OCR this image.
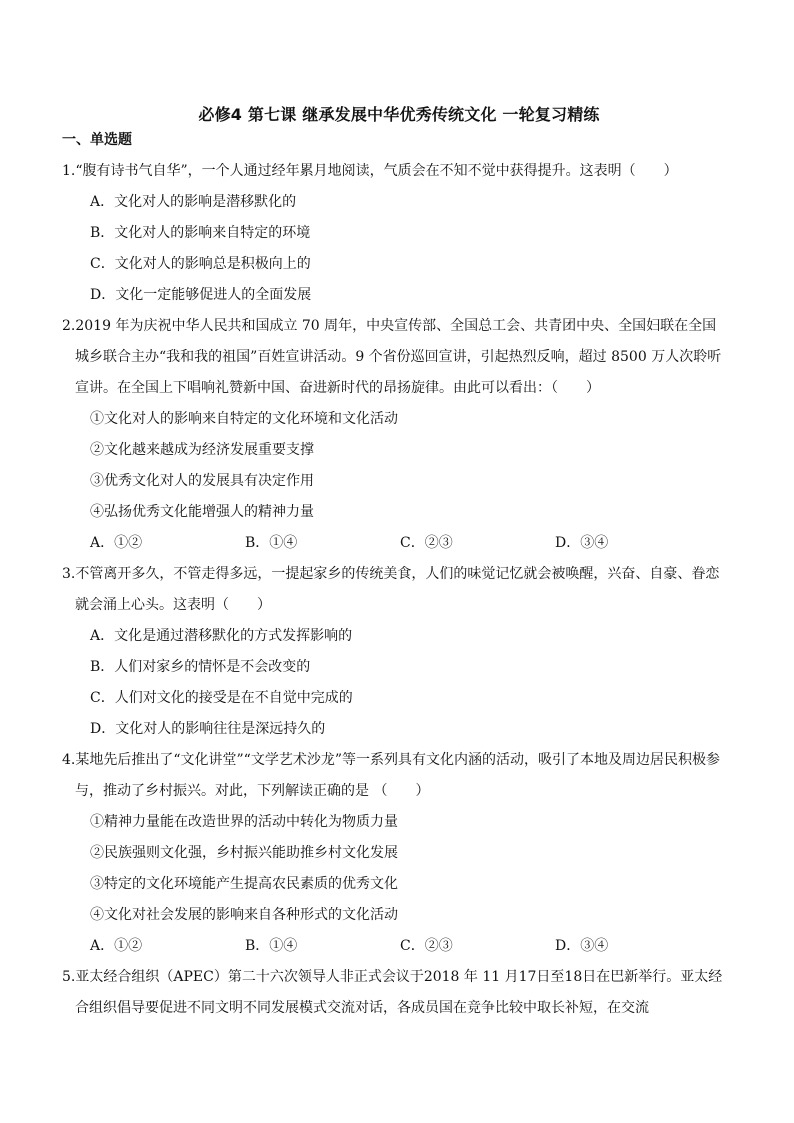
必修4 第七课 继承发展中华优秀传统文化 一轮复习精练
一、单选题

1.“腹有诗书气自华”，一个人通过经年累月地阅读，气质会在不知不觉中获得提升。这表明（　　）

A．文化对人的影响是潜移默化的

B．文化对人的影响来自特定的环境

C．文化对人的影响总是积极向上的

D．文化一定能够促进人的全面发展

2.2019 年为庆祝中华人民共和国成立 70 周年，中央宣传部、全国总工会、共青团中央、全国妇联在全国城乡联合主办“我和我的祖国”百姓宣讲活动。9 个省份巡回宣讲，引起热烈反响，超过 8500 万人次聆听宣讲。在全国上下唱响礼赞新中国、奋进新时代的昂扬旋律。由此可以看出：（　　）

①文化对人的影响来自特定的文化环境和文化活动

②文化越来越成为经济发展重要支撑

③优秀文化对人的发展具有决定作用

④弘扬优秀文化能增强人的精神力量

A．①②	B．①④	C．②③	D．③④

3.不管离开多久，不管走得多远，一提起家乡的传统美食，人们的味觉记忆就会被唤醒，兴奋、自豪、眷恋就会涌上心头。这表明（　　）

A．文化是通过潜移默化的方式发挥影响的

B．人们对家乡的情怀是不会改变的

C．人们对文化的接受是在不自觉中完成的

D．文化对人的影响往往是深远持久的

4.某地先后推出了“文化讲堂”“文学艺术沙龙”等一系列具有文化内涵的活动，吸引了本地及周边居民积极参与，推动了乡村振兴。对此，下列解读正确的是 （　　）

①精神力量能在改造世界的活动中转化为物质力量

②民族强则文化强，乡村振兴能助推乡村文化发展

③特定的文化环境能产生提高农民素质的优秀文化

④文化对社会发展的影响来自各种形式的文化活动

A．①②	B．①④	C．②③	D．③④

5.亚太经合组织（APEC）第二十六次领导人非正式会议于2018 年 11 月17日至18日在巴新举行。亚太经合组织倡导要促进不同文明不同发展模式交流对话，各成员国在竞争比较中取长补短，在交流
